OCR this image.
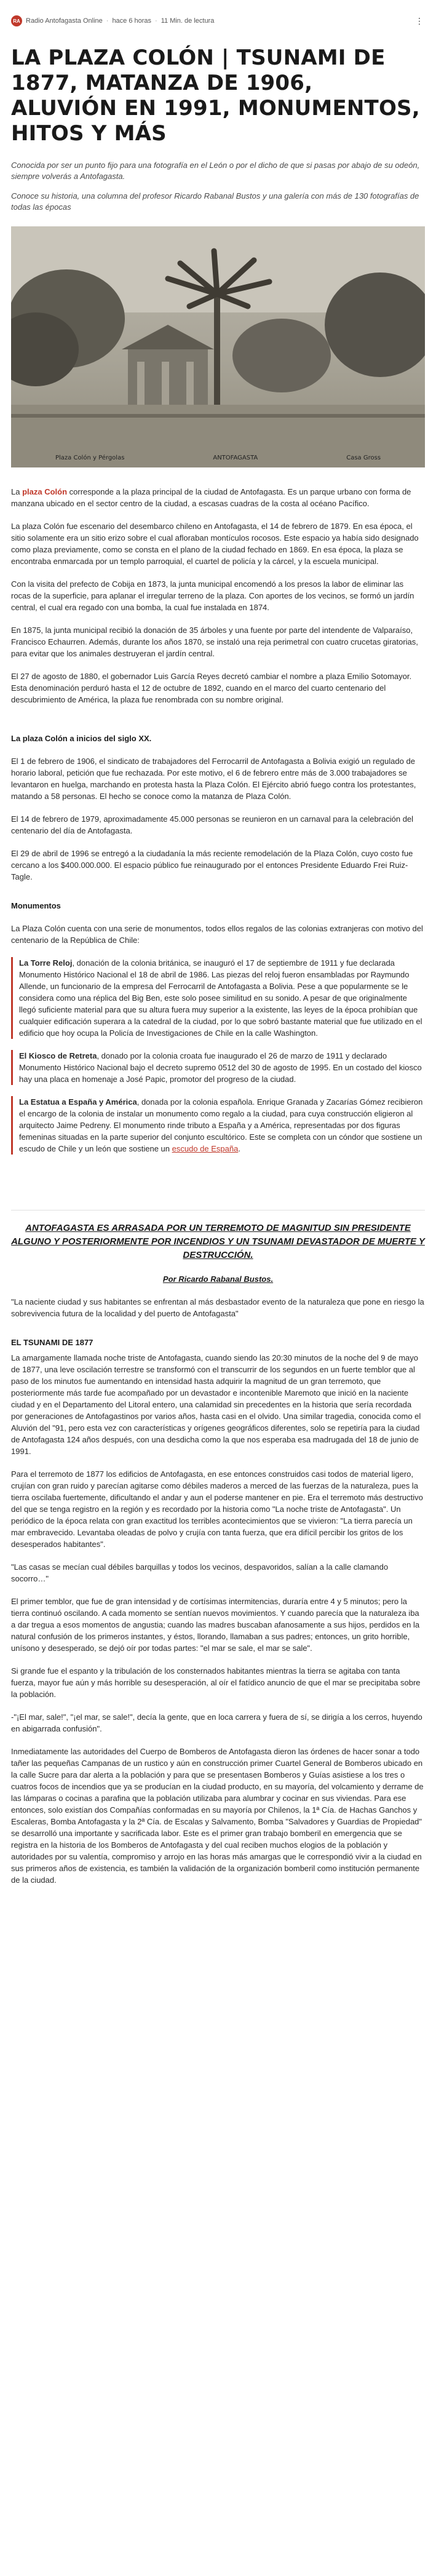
RA Radio Antofagasta Online · hace 6 horas · 11 Min. de lectura	⋮
LA PLAZA COLÓN | TSUNAMI DE 1877, MATANZA DE 1906, ALUVIÓN EN 1991, MONUMENTOS, HITOS Y MÁS

Conocida por ser un punto fijo para una fotografía en el León o por el dicho de que si pasas por abajo de su odeón, siempre volverás a Antofagasta.

Conoce su historia, una columna del profesor Ricardo Rabanal Bustos y una galería con más de 130 fotografías de todas las épocas

Plaza Colón y Pérgolas	ANTOFAGASTA	Casa Gross

La plaza Colón corresponde a la plaza principal de la ciudad de Antofagasta. Es un parque urbano con forma de manzana ubicado en el sector centro de la ciudad, a escasas cuadras de la costa al océano Pacífico.

La plaza Colón fue escenario del desembarco chileno en Antofagasta, el 14 de febrero de 1879. En esa época, el sitio solamente era un sitio erizo sobre el cual afloraban montículos rocosos. Este espacio ya había sido designado como plaza previamente, como se consta en el plano de la ciudad fechado en 1869. En esa época, la plaza se encontraba enmarcada por un templo parroquial, el cuartel de policía y la cárcel, y la escuela municipal.

Con la visita del prefecto de Cobija en 1873, la junta municipal encomendó a los presos la labor de eliminar las rocas de la superficie, para aplanar el irregular terreno de la plaza. Con aportes de los vecinos, se formó un jardín central, el cual era regado con una bomba, la cual fue instalada en 1874.

En 1875, la junta municipal recibió la donación de 35 árboles y una fuente por parte del intendente de Valparaíso, Francisco Echaurren. Además, durante los años 1870, se instaló una reja perimetral con cuatro crucetas giratorias, para evitar que los animales destruyeran el jardín central.

El 27 de agosto de 1880, el gobernador Luis García Reyes decretó cambiar el nombre a plaza Emilio Sotomayor. Esta denominación perduró hasta el 12 de octubre de 1892, cuando en el marco del cuarto centenario del descubrimiento de América, la plaza fue renombrada con su nombre original.

La plaza Colón a inicios del siglo XX.

El 1 de febrero de 1906, el sindicato de trabajadores del Ferrocarril de Antofagasta a Bolivia exigió un regulado de horario laboral, petición que fue rechazada. Por este motivo, el 6 de febrero entre más de 3.000 trabajadores se levantaron en huelga, marchando en protesta hasta la Plaza Colón. El Ejército abrió fuego contra los protestantes, matando a 58 personas. El hecho se conoce como la matanza de Plaza Colón.

El 14 de febrero de 1979, aproximadamente 45.000 personas se reunieron en un carnaval para la celebración del centenario del día de Antofagasta.

El 29 de abril de 1996 se entregó a la ciudadanía la más reciente remodelación de la Plaza Colón, cuyo costo fue cercano a los $400.000.000. El espacio público fue reinaugurado por el entonces Presidente Eduardo Frei Ruiz-Tagle.

Monumentos

La Plaza Colón cuenta con una serie de monumentos, todos ellos regalos de las colonias extranjeras con motivo del centenario de la República de Chile:

La Torre Reloj, donación de la colonia británica, se inauguró el 17 de septiembre de 1911 y fue declarada Monumento Histórico Nacional el 18 de abril de 1986. Las piezas del reloj fueron ensambladas por Raymundo Allende, un funcionario de la empresa del Ferrocarril de Antofagasta a Bolivia. Pese a que popularmente se le considera como una réplica del Big Ben, este solo posee similitud en su sonido. A pesar de que originalmente llegó suficiente material para que su altura fuera muy superior a la existente, las leyes de la época prohibían que cualquier edificación superara a la catedral de la ciudad, por lo que sobró bastante material que fue utilizado en el edificio que hoy ocupa la Policía de Investigaciones de Chile en la calle Washington.
El Kiosco de Retreta, donado por la colonia croata fue inaugurado el 26 de marzo de 1911 y declarado Monumento Histórico Nacional bajo el decreto supremo 0512 del 30 de agosto de 1995. En un costado del kiosco hay una placa en homenaje a José Papic, promotor del progreso de la ciudad.
La Estatua a España y América, donada por la colonia española. Enrique Granada y Zacarías Gómez recibieron el encargo de la colonia de instalar un monumento como regalo a la ciudad, para cuya construcción eligieron al arquitecto Jaime Pedreny. El monumento rinde tributo a España y a América, representadas por dos figuras femeninas situadas en la parte superior del conjunto escultórico. Este se completa con un cóndor que sostiene un escudo de Chile y un león que sostiene un escudo de España.

ANTOFAGASTA ES ARRASADA POR UN TERREMOTO DE MAGNITUD SIN PRESIDENTE ALGUNO Y POSTERIORMENTE POR INCENDIOS Y UN TSUNAMI DEVASTADOR DE MUERTE Y DESTRUCCIÓN.

Por Ricardo Rabanal Bustos.

"La naciente ciudad y sus habitantes se enfrentan al más desbastador evento de la naturaleza que pone en riesgo la sobrevivencia futura de la localidad y del puerto de Antofagasta"

EL TSUNAMI DE 1877

La amargamente llamada noche triste de Antofagasta, cuando siendo las 20:30 minutos de la noche del 9 de mayo de 1877, una leve oscilación terrestre se transformó con el transcurrir de los segundos en un fuerte temblor que al paso de los minutos fue aumentando en intensidad hasta adquirir la magnitud de un gran terremoto, que posteriormente más tarde fue acompañado por un devastador e incontenible Maremoto que inició en la naciente ciudad y en el Departamento del Litoral entero, una calamidad sin precedentes en la historia que sería recordada por generaciones de Antofagastinos por varios años, hasta casi en el olvido. Una similar tragedia, conocida como el Aluvión del "91, pero esta vez con características y orígenes geográficos diferentes, solo se repetiría para la ciudad de Antofagasta 124 años después, con una desdicha como la que nos esperaba esa madrugada del 18 de junio de 1991.

Para el terremoto de 1877 los edificios de Antofagasta, en ese entonces construidos casi todos de material ligero, crujían con gran ruido y parecían agitarse como débiles maderos a merced de las fuerzas de la naturaleza, pues la tierra oscilaba fuertemente, dificultando el andar y aun el poderse mantener en pie. Era el terremoto más destructivo del que se tenga registro en la región y es recordado por la historia como "La noche triste de Antofagasta". Un periódico de la época relata con gran exactitud los terribles acontecimientos que se vivieron: "La tierra parecía un mar embravecido. Levantaba oleadas de polvo y crujía con tanta fuerza, que era difícil percibir los gritos de los desesperados habitantes".

"Las casas se mecían cual débiles barquillas y todos los vecinos, despavoridos, salían a la calle clamando socorro…"

El primer temblor, que fue de gran intensidad y de cortísimas intermitencias, duraría entre 4 y 5 minutos; pero la tierra continuó oscilando. A cada momento se sentían nuevos movimientos. Y cuando parecía que la naturaleza iba a dar tregua a esos momentos de angustia; cuando las madres buscaban afanosamente a sus hijos, perdidos en la natural confusión de los primeros instantes, y éstos, llorando, llamaban a sus padres; entonces, un grito horrible, unísono y desesperado, se dejó oír por todas partes: "el mar se sale, el mar se sale".

Si grande fue el espanto y la tribulación de los consternados habitantes mientras la tierra se agitaba con tanta fuerza, mayor fue aún y más horrible su desesperación, al oír el fatídico anuncio de que el mar se precipitaba sobre la población.

-"¡El mar, sale!", "¡el mar, se sale!", decía la gente, que en loca carrera y fuera de sí, se dirigía a los cerros, huyendo en abigarrada confusión".

Inmediatamente las autoridades del Cuerpo de Bomberos de Antofagasta dieron las órdenes de hacer sonar a todo tañer las pequeñas Campanas de un rustico y aún en construcción primer Cuartel General de Bomberos ubicado en la calle Sucre para dar alerta a la población y para que se presentasen Bomberos y Guías asistiese a los tres o cuatros focos de incendios que ya se producían en la ciudad producto, en su mayoría, del volcamiento y derrame de las lámparas o cocinas a parafina que la población utilizaba para alumbrar y cocinar en sus viviendas. Para ese entonces, solo existían dos Compañías conformadas en su mayoría por Chilenos, la 1ª Cía. de Hachas Ganchos y Escaleras, Bomba Antofagasta y la 2ª Cía. de Escalas y Salvamento, Bomba "Salvadores y Guardias de Propiedad" se desarrolló una importante y sacrificada labor. Este es el primer gran trabajo bomberil en emergencia que se registra en la historia de los Bomberos de Antofagasta y del cual reciben muchos elogios de la población y autoridades por su valentía, compromiso y arrojo en las horas más amargas que le correspondió vivir a la ciudad en sus primeros años de existencia, es también la validación de la organización bomberil como institución permanente de la ciudad.
